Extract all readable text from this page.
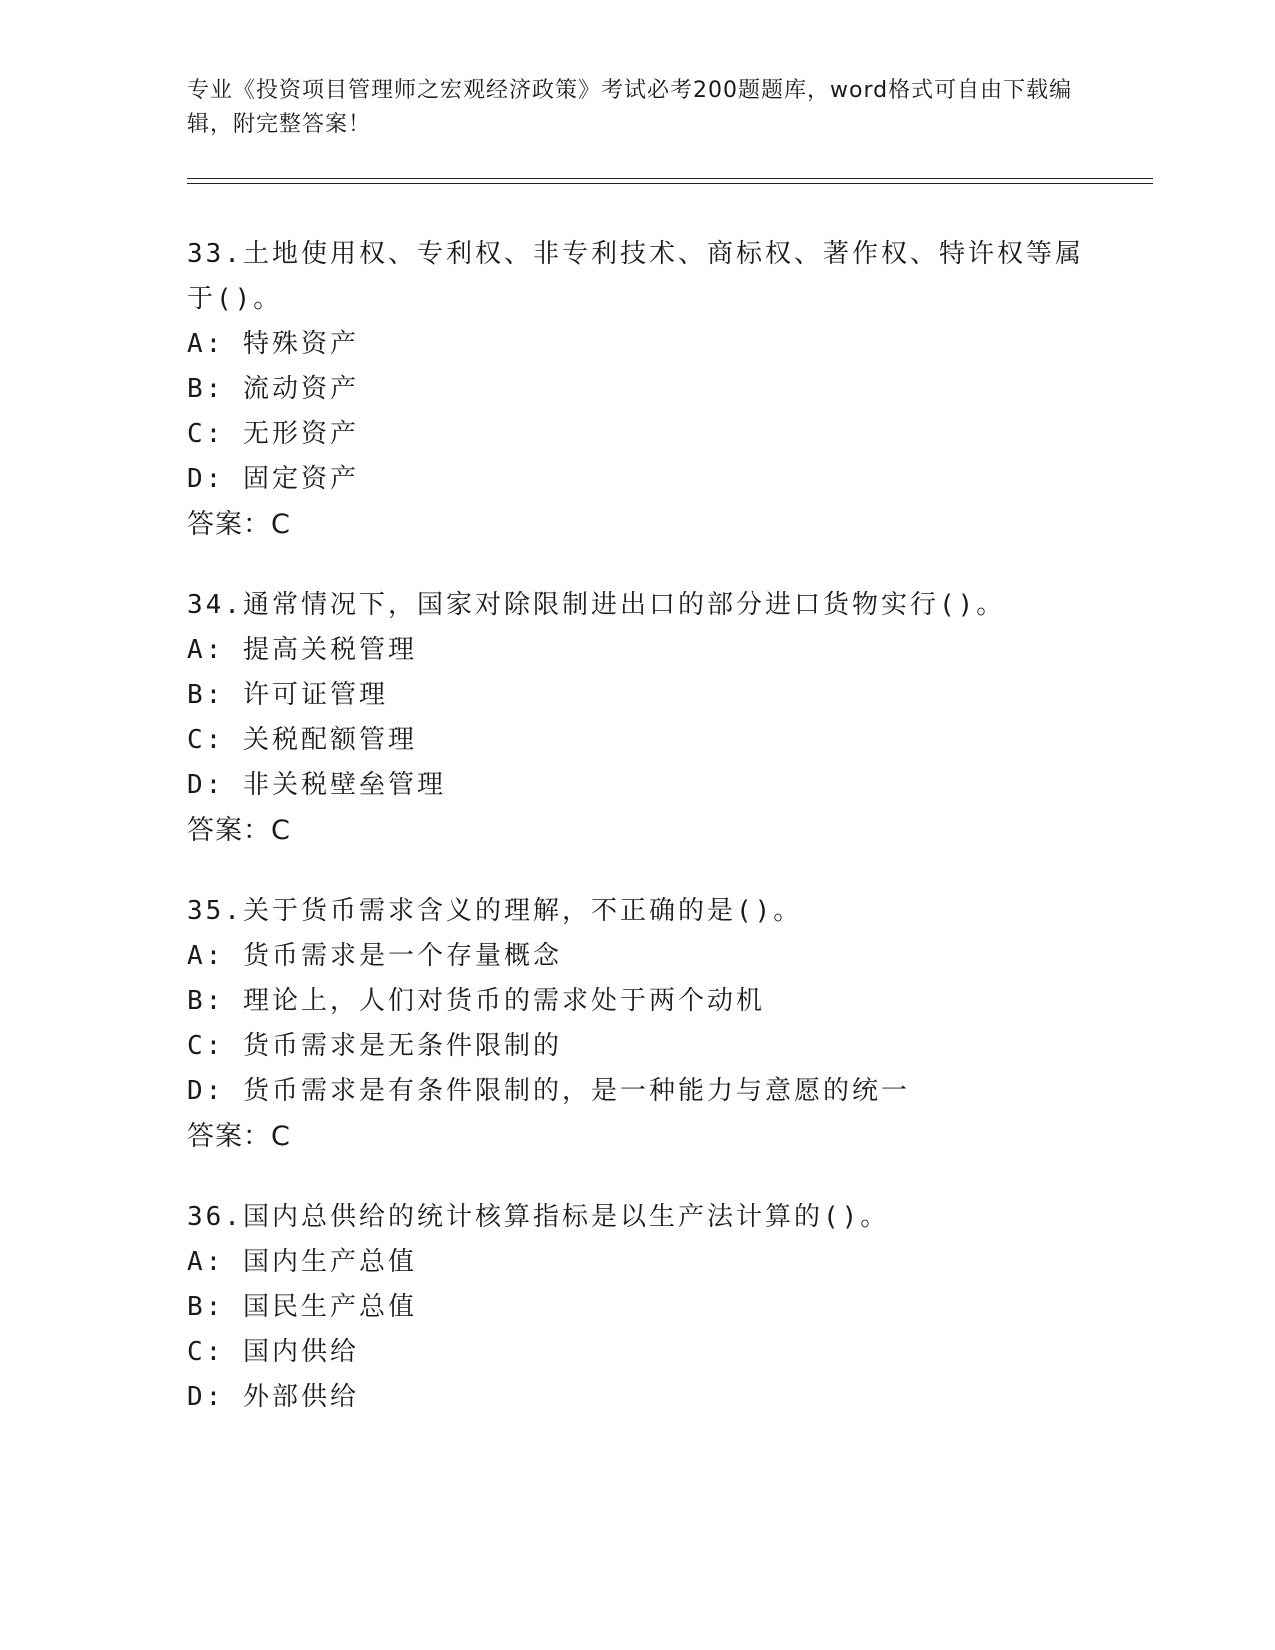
专业《投资项目管理师之宏观经济政策》考试必考200题题库，word格式可自由下载编辑，附完整答案！
33.土地使用权、专利权、非专利技术、商标权、著作权、特许权等属于()。
A: 特殊资产
B: 流动资产
C: 无形资产
D: 固定资产
答案：C
34.通常情况下，国家对除限制进出口的部分进口货物实行()。
A: 提高关税管理
B: 许可证管理
C: 关税配额管理
D: 非关税壁垒管理
答案：C
35.关于货币需求含义的理解，不正确的是()。
A: 货币需求是一个存量概念
B: 理论上，人们对货币的需求处于两个动机
C: 货币需求是无条件限制的
D: 货币需求是有条件限制的，是一种能力与意愿的统一
答案：C
36.国内总供给的统计核算指标是以生产法计算的()。
A: 国内生产总值
B: 国民生产总值
C: 国内供给
D: 外部供给
